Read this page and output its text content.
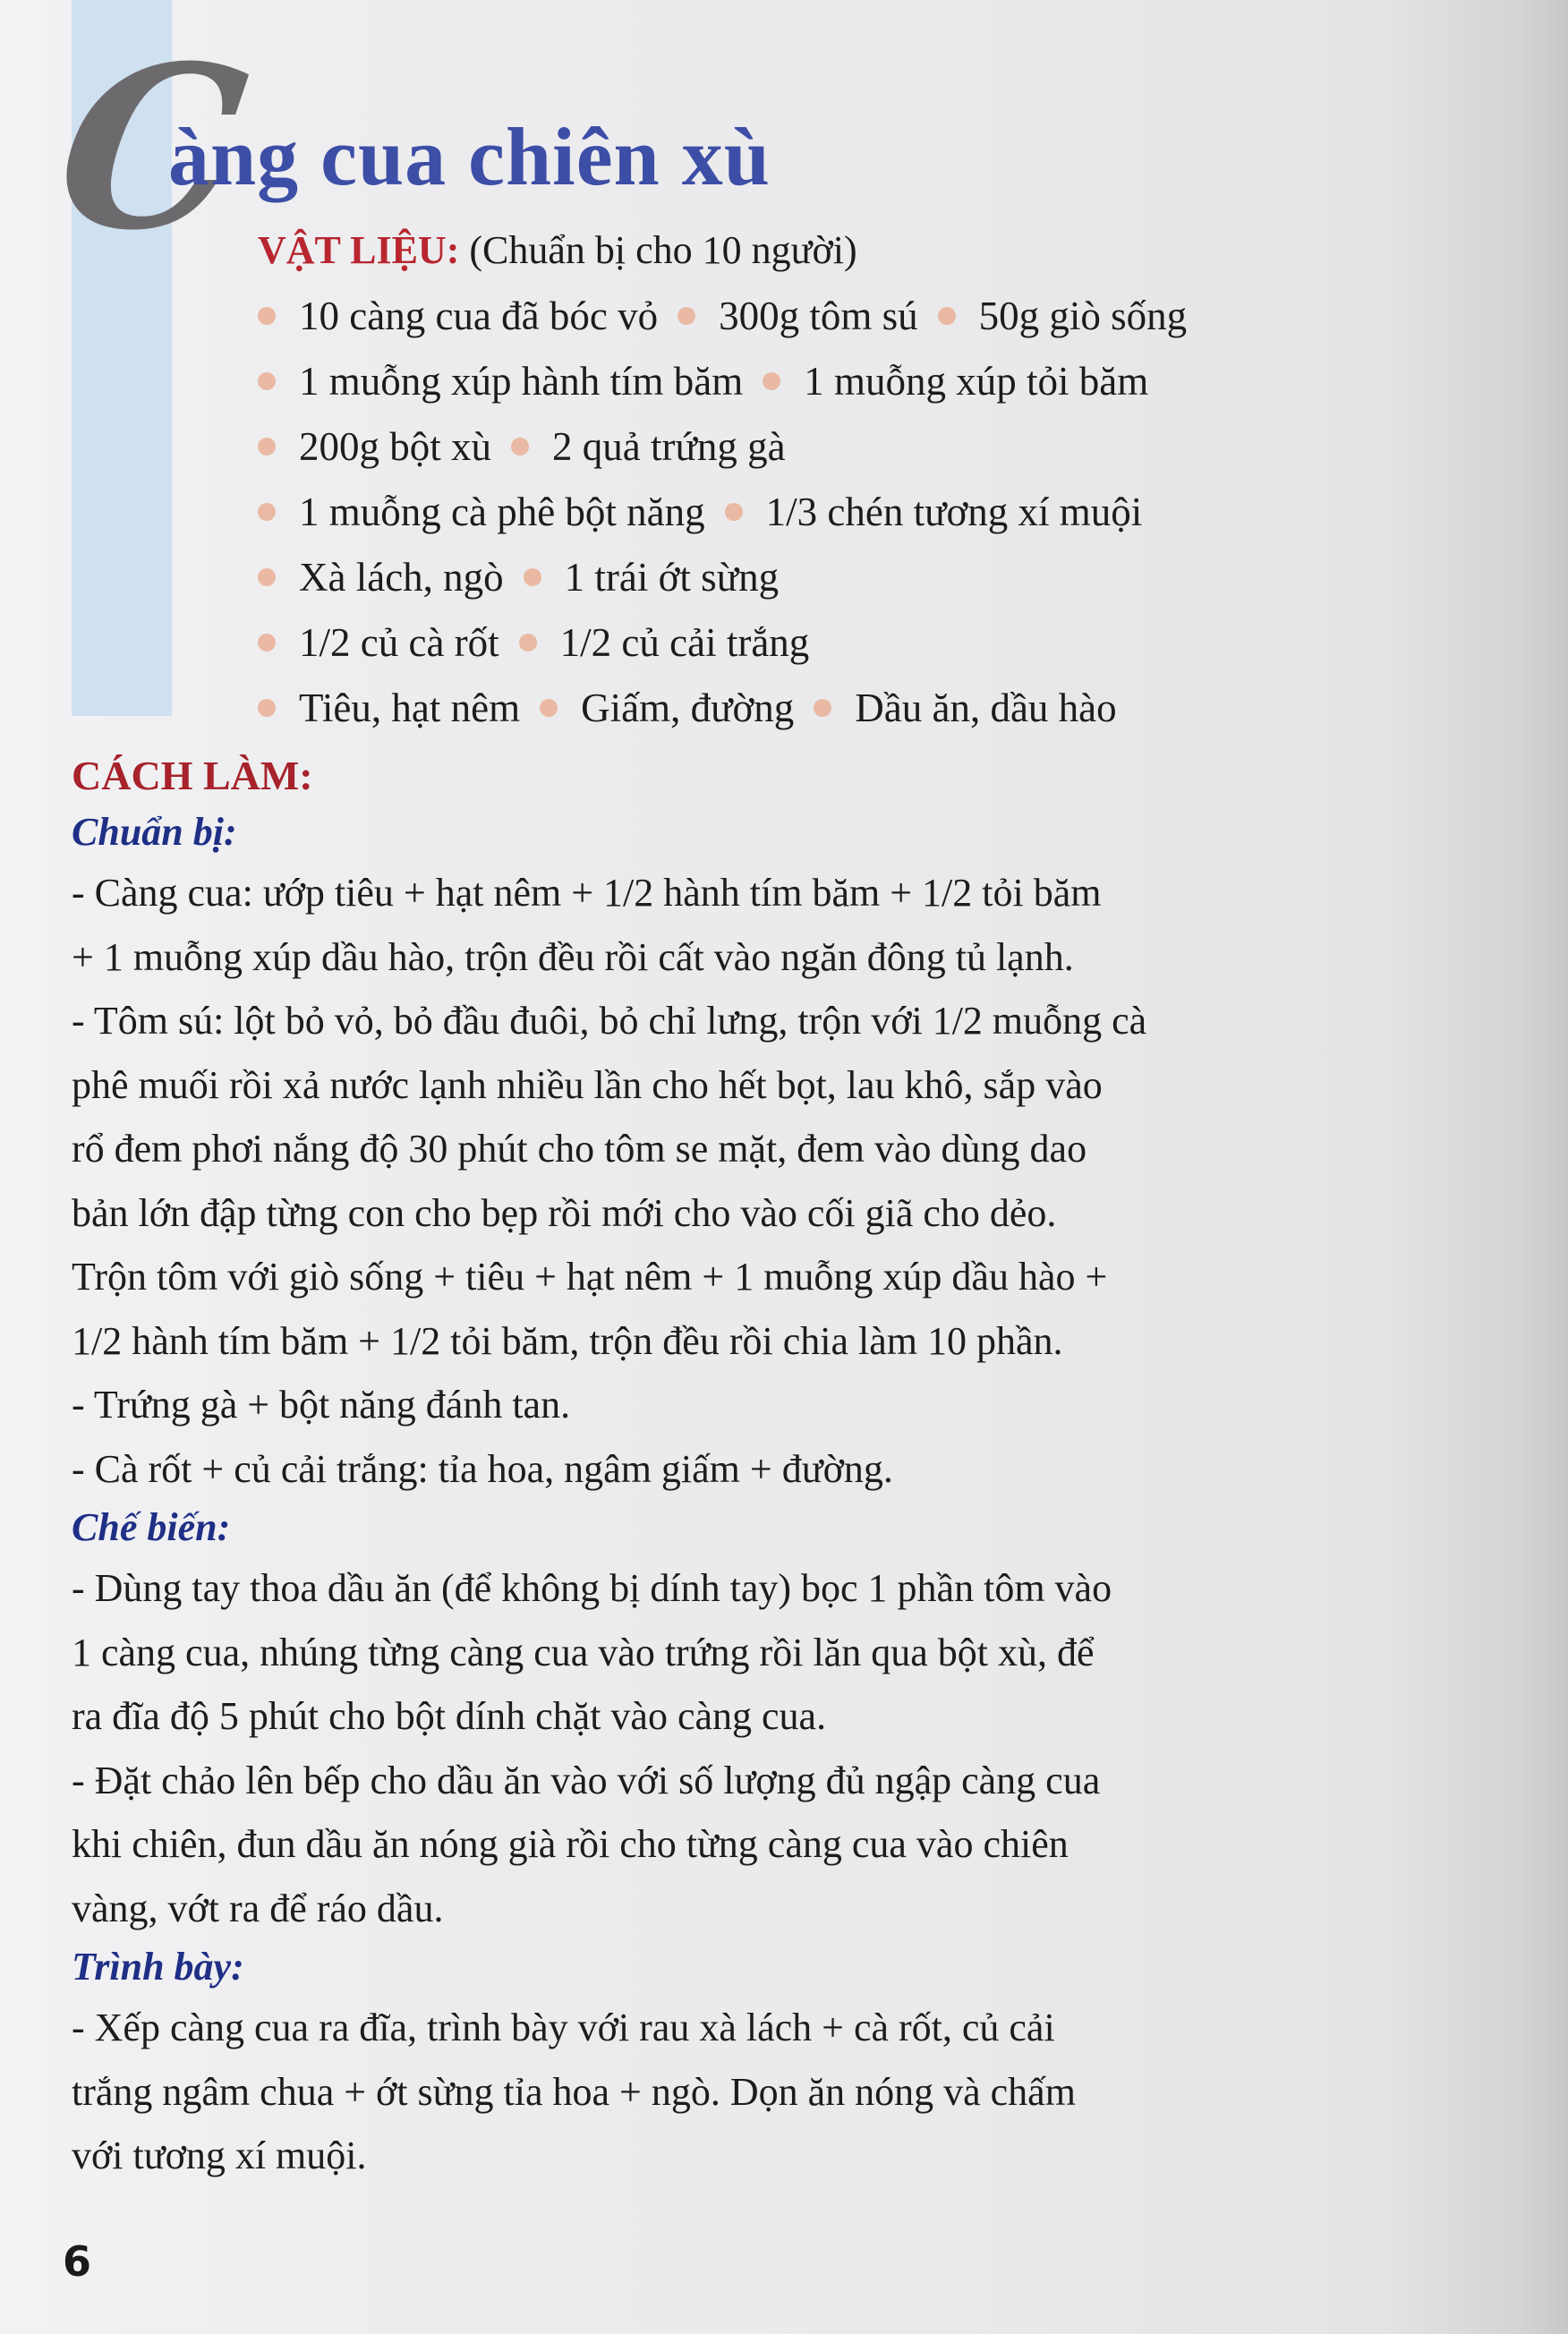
C
àng cua chiên xù
VẬT LIỆU: (Chuẩn bị cho 10 người)
10 càng cua đã bóc vỏ 300g tôm sú 50g giò sống
1 muỗng xúp hành tím băm 1 muỗng xúp tỏi băm
200g bột xù 2 quả trứng gà
1 muỗng cà phê bột năng 1/3 chén tương xí muội
Xà lách, ngò 1 trái ớt sừng
1/2 củ cà rốt 1/2 củ cải trắng
Tiêu, hạt nêm Giấm, đường Dầu ăn, dầu hào
CÁCH LÀM:
Chuẩn bị:

- Càng cua: ướp tiêu + hạt nêm + 1/2 hành tím băm + 1/2 tỏi băm

+ 1 muỗng xúp dầu hào, trộn đều rồi cất vào ngăn đông tủ lạnh.

- Tôm sú: lột bỏ vỏ, bỏ đầu đuôi, bỏ chỉ lưng, trộn với 1/2 muỗng cà

phê muối rồi xả nước lạnh nhiều lần cho hết bọt, lau khô, sắp vào

rổ đem phơi nắng độ 30 phút cho tôm se mặt, đem vào dùng dao

bản lớn đập từng con cho bẹp rồi mới cho vào cối giã cho dẻo.

Trộn tôm với giò sống + tiêu + hạt nêm + 1 muỗng xúp dầu hào +

1/2 hành tím băm + 1/2 tỏi băm, trộn đều rồi chia làm 10 phần.

- Trứng gà + bột năng đánh tan.

- Cà rốt + củ cải trắng: tỉa hoa, ngâm giấm + đường.

Chế biến:

- Dùng tay thoa dầu ăn (để không bị dính tay) bọc 1 phần tôm vào

1 càng cua, nhúng từng càng cua vào trứng rồi lăn qua bột xù, để

ra đĩa độ 5 phút cho bột dính chặt vào càng cua.

- Đặt chảo lên bếp cho dầu ăn vào với số lượng đủ ngập càng cua

khi chiên, đun dầu ăn nóng già rồi cho từng càng cua vào chiên

vàng, vớt ra để ráo dầu.

Trình bày:

- Xếp càng cua ra đĩa, trình bày với rau xà lách + cà rốt, củ cải

trắng ngâm chua + ớt sừng tỉa hoa + ngò. Dọn ăn nóng và chấm

với tương xí muội.

6
